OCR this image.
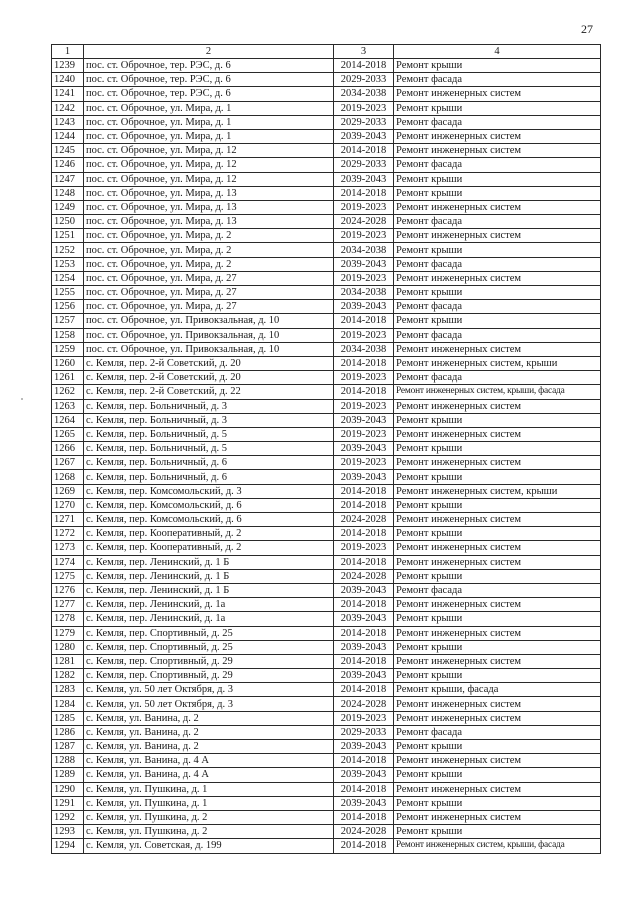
27
1	2	3	4
1239	пос. ст. Оброчное, тер. РЭС, д. 6	2014-2018	Ремонт крыши
1240	пос. ст. Оброчное, тер. РЭС, д. 6	2029-2033	Ремонт фасада
1241	пос. ст. Оброчное, тер. РЭС, д. 6	2034-2038	Ремонт инженерных систем
1242	пос. ст. Оброчное, ул. Мира, д. 1	2019-2023	Ремонт крыши
1243	пос. ст. Оброчное, ул. Мира, д. 1	2029-2033	Ремонт фасада
1244	пос. ст. Оброчное, ул. Мира, д. 1	2039-2043	Ремонт инженерных систем
1245	пос. ст. Оброчное, ул. Мира, д. 12	2014-2018	Ремонт инженерных систем
1246	пос. ст. Оброчное, ул. Мира, д. 12	2029-2033	Ремонт фасада
1247	пос. ст. Оброчное, ул. Мира, д. 12	2039-2043	Ремонт крыши
1248	пос. ст. Оброчное, ул. Мира, д. 13	2014-2018	Ремонт крыши
1249	пос. ст. Оброчное, ул. Мира, д. 13	2019-2023	Ремонт инженерных систем
1250	пос. ст. Оброчное, ул. Мира, д. 13	2024-2028	Ремонт фасада
1251	пос. ст. Оброчное, ул. Мира, д. 2	2019-2023	Ремонт инженерных систем
1252	пос. ст. Оброчное, ул. Мира, д. 2	2034-2038	Ремонт крыши
1253	пос. ст. Оброчное, ул. Мира, д. 2	2039-2043	Ремонт фасада
1254	пос. ст. Оброчное, ул. Мира, д. 27	2019-2023	Ремонт инженерных систем
1255	пос. ст. Оброчное, ул. Мира, д. 27	2034-2038	Ремонт крыши
1256	пос. ст. Оброчное, ул. Мира, д. 27	2039-2043	Ремонт фасада
1257	пос. ст. Оброчное, ул. Привокзальная, д. 10	2014-2018	Ремонт крыши
1258	пос. ст. Оброчное, ул. Привокзальная, д. 10	2019-2023	Ремонт фасада
1259	пос. ст. Оброчное, ул. Привокзальная, д. 10	2034-2038	Ремонт инженерных систем
1260	с. Кемля, пер. 2-й Советский, д. 20	2014-2018	Ремонт инженерных систем, крыши
1261	с. Кемля, пер. 2-й Советский, д. 20	2019-2023	Ремонт фасада
1262	с. Кемля, пер. 2-й Советский, д. 22	2014-2018	Ремонт инженерных систем, крыши, фасада
1263	с. Кемля, пер. Больничный, д. 3	2019-2023	Ремонт инженерных систем
1264	с. Кемля, пер. Больничный, д. 3	2039-2043	Ремонт крыши
1265	с. Кемля, пер. Больничный, д. 5	2019-2023	Ремонт инженерных систем
1266	с. Кемля, пер. Больничный, д. 5	2039-2043	Ремонт крыши
1267	с. Кемля, пер. Больничный, д. 6	2019-2023	Ремонт инженерных систем
1268	с. Кемля, пер. Больничный, д. 6	2039-2043	Ремонт крыши
1269	с. Кемля, пер. Комсомольский, д. 3	2014-2018	Ремонт инженерных систем, крыши
1270	с. Кемля, пер. Комсомольский, д. 6	2014-2018	Ремонт крыши
1271	с. Кемля, пер. Комсомольский, д. 6	2024-2028	Ремонт инженерных систем
1272	с. Кемля, пер. Кооперативный, д. 2	2014-2018	Ремонт крыши
1273	с. Кемля, пер. Кооперативный, д. 2	2019-2023	Ремонт инженерных систем
1274	с. Кемля, пер. Ленинский, д. 1 Б	2014-2018	Ремонт инженерных систем
1275	с. Кемля, пер. Ленинский, д. 1 Б	2024-2028	Ремонт крыши
1276	с. Кемля, пер. Ленинский, д. 1 Б	2039-2043	Ремонт фасада
1277	с. Кемля, пер. Ленинский, д. 1а	2014-2018	Ремонт инженерных систем
1278	с. Кемля, пер. Ленинский, д. 1а	2039-2043	Ремонт крыши
1279	с. Кемля, пер. Спортивный, д. 25	2014-2018	Ремонт инженерных систем
1280	с. Кемля, пер. Спортивный, д. 25	2039-2043	Ремонт крыши
1281	с. Кемля, пер. Спортивный, д. 29	2014-2018	Ремонт инженерных систем
1282	с. Кемля, пер. Спортивный, д. 29	2039-2043	Ремонт крыши
1283	с. Кемля, ул. 50 лет Октября, д. 3	2014-2018	Ремонт крыши, фасада
1284	с. Кемля, ул. 50 лет Октября, д. 3	2024-2028	Ремонт инженерных систем
1285	с. Кемля, ул. Ванина, д. 2	2019-2023	Ремонт инженерных систем
1286	с. Кемля, ул. Ванина, д. 2	2029-2033	Ремонт фасада
1287	с. Кемля, ул. Ванина, д. 2	2039-2043	Ремонт крыши
1288	с. Кемля, ул. Ванина, д. 4 А	2014-2018	Ремонт инженерных систем
1289	с. Кемля, ул. Ванина, д. 4 А	2039-2043	Ремонт крыши
1290	с. Кемля, ул. Пушкина, д. 1	2014-2018	Ремонт инженерных систем
1291	с. Кемля, ул. Пушкина, д. 1	2039-2043	Ремонт крыши
1292	с. Кемля, ул. Пушкина, д. 2	2014-2018	Ремонт инженерных систем
1293	с. Кемля, ул. Пушкина, д. 2	2024-2028	Ремонт крыши
1294	с. Кемля, ул. Советская, д. 199	2014-2018	Ремонт инженерных систем, крыши, фасада
